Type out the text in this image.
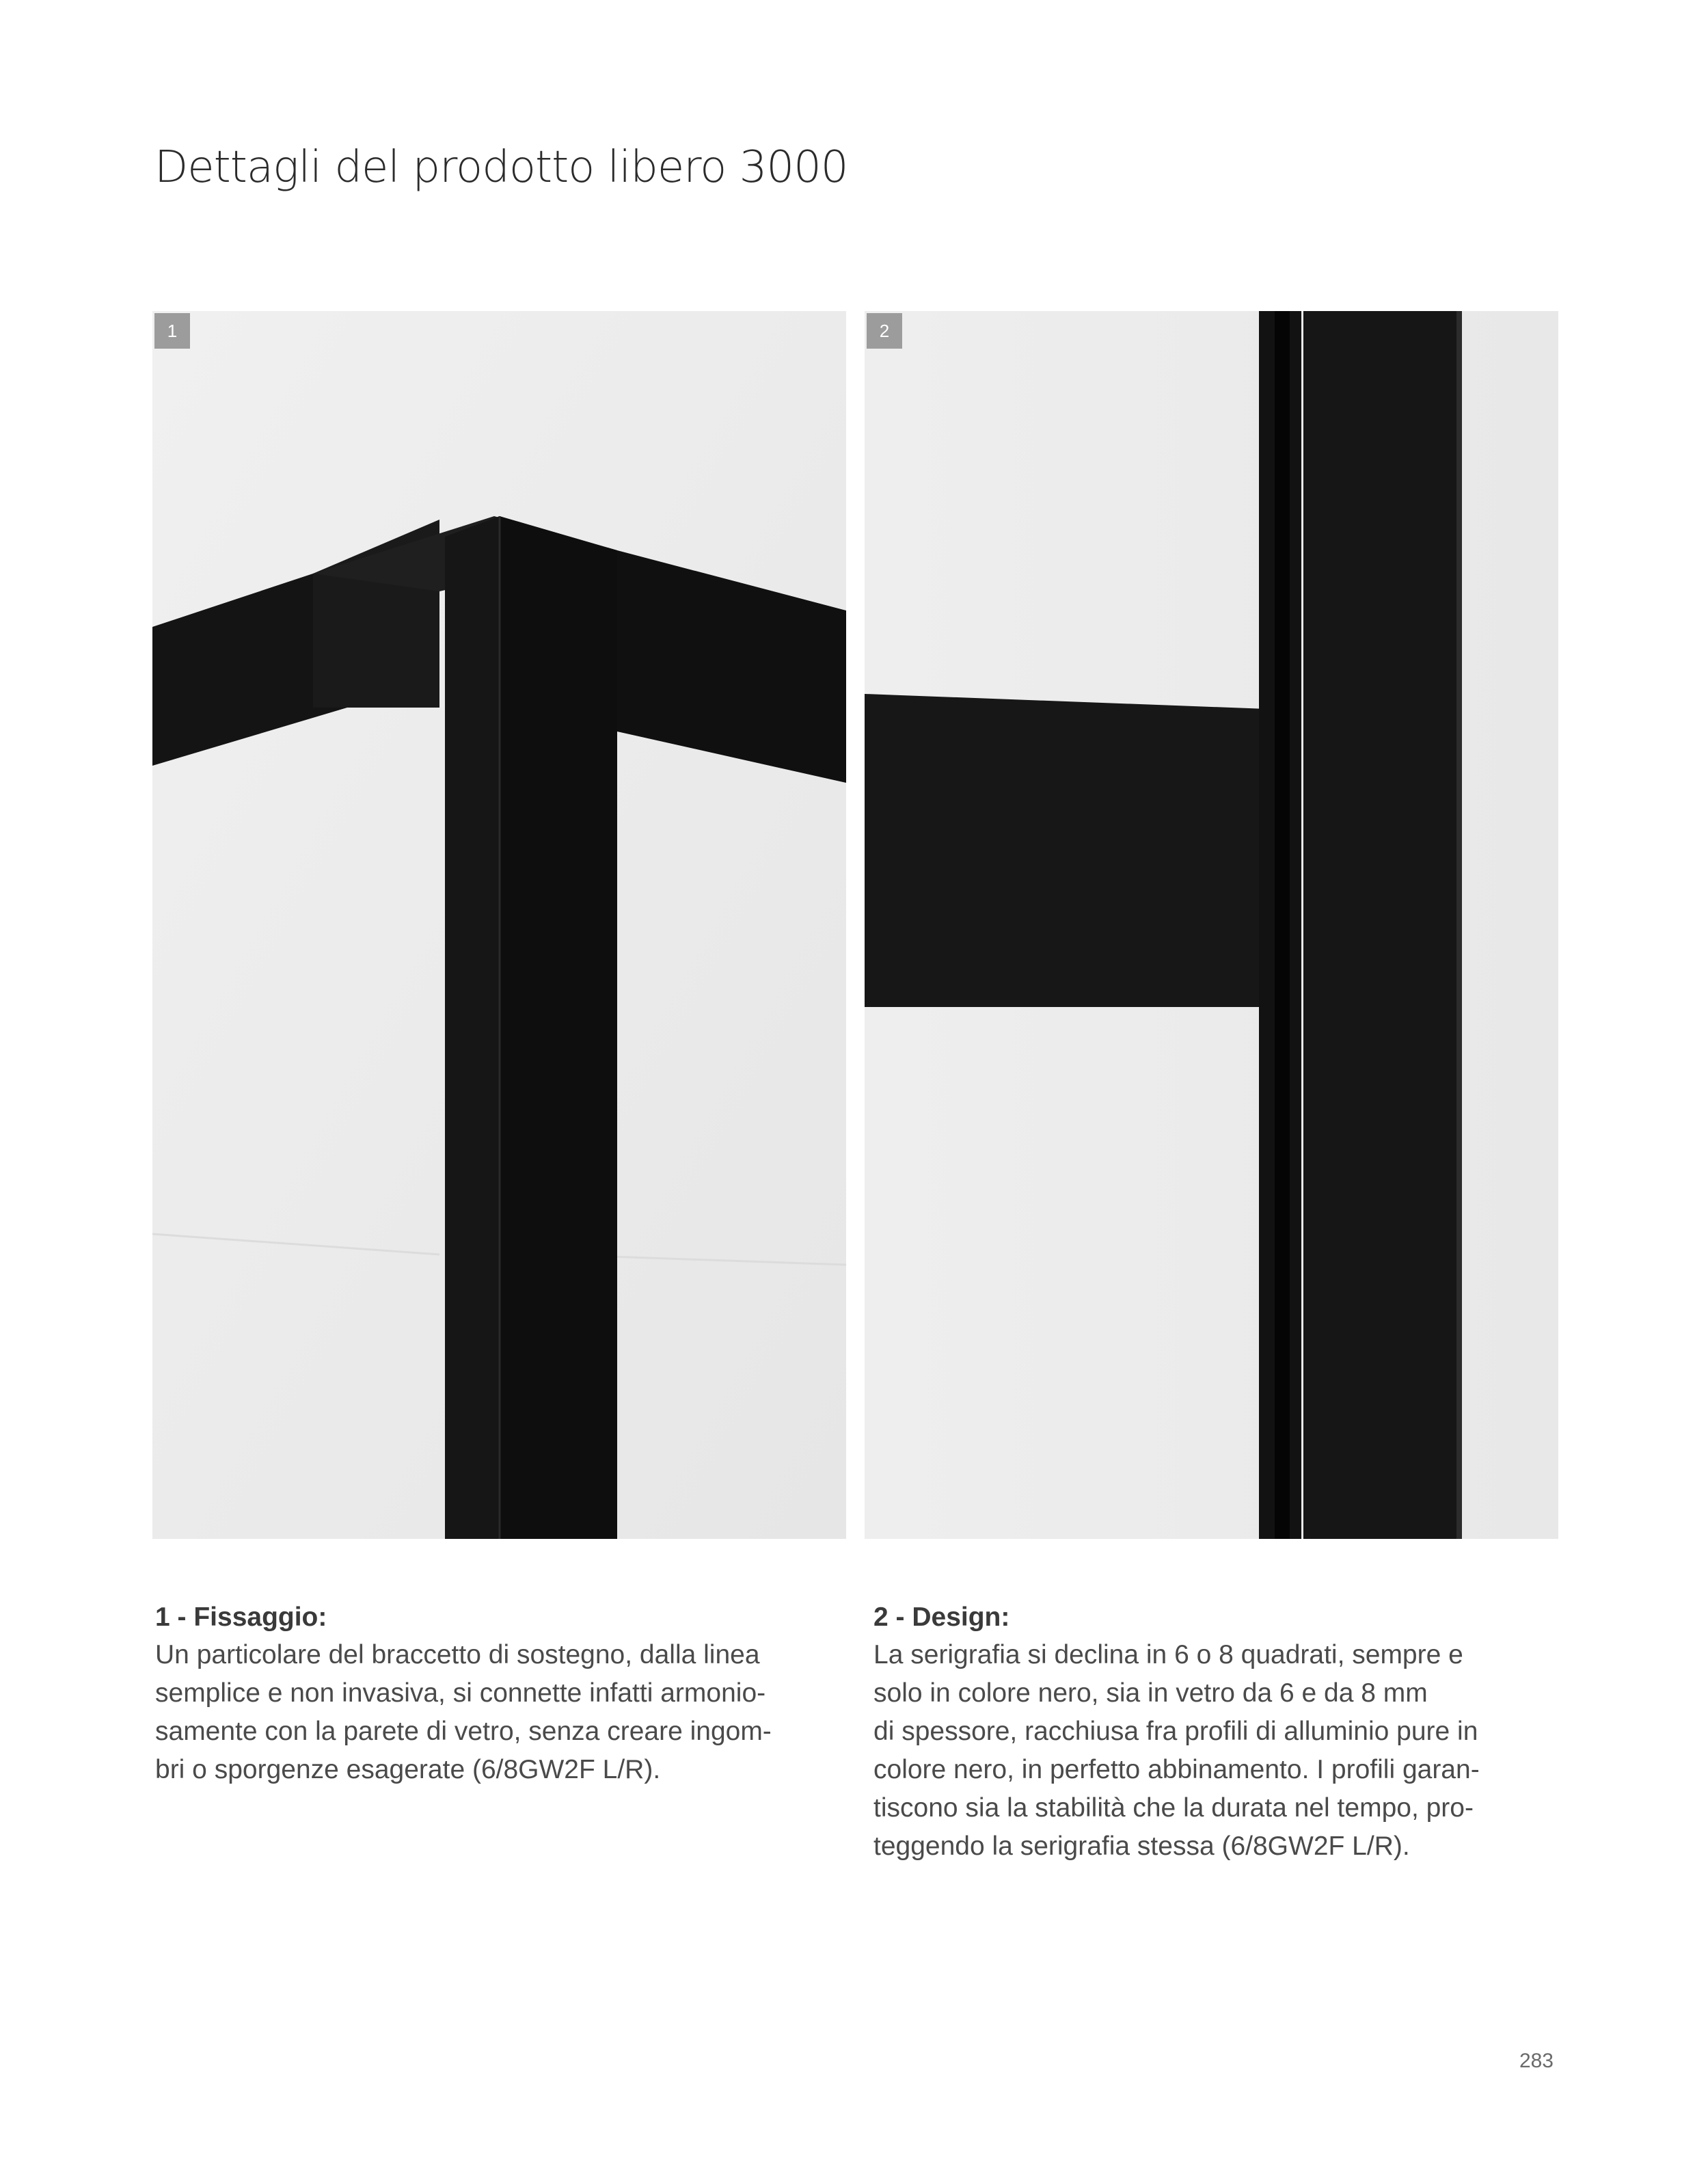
Dettagli del prodotto libero 3000
1	2

1 - Fissaggio:

Un particolare del braccetto di sostegno, dalla linea

semplice e non invasiva, si connette infatti armonio-

samente con la parete di vetro, senza creare ingom-

bri o sporgenze esagerate (6/8GW2F L/R).

2 - Design:

La serigrafia si declina in 6 o 8 quadrati, sempre e

solo in colore nero, sia in vetro da 6 e da 8 mm

di spessore, racchiusa fra profili di alluminio pure in

colore nero, in perfetto abbinamento. I profili garan-

tiscono sia la stabilità che la durata nel tempo, pro-

teggendo la serigrafia stessa (6/8GW2F L/R).

283
